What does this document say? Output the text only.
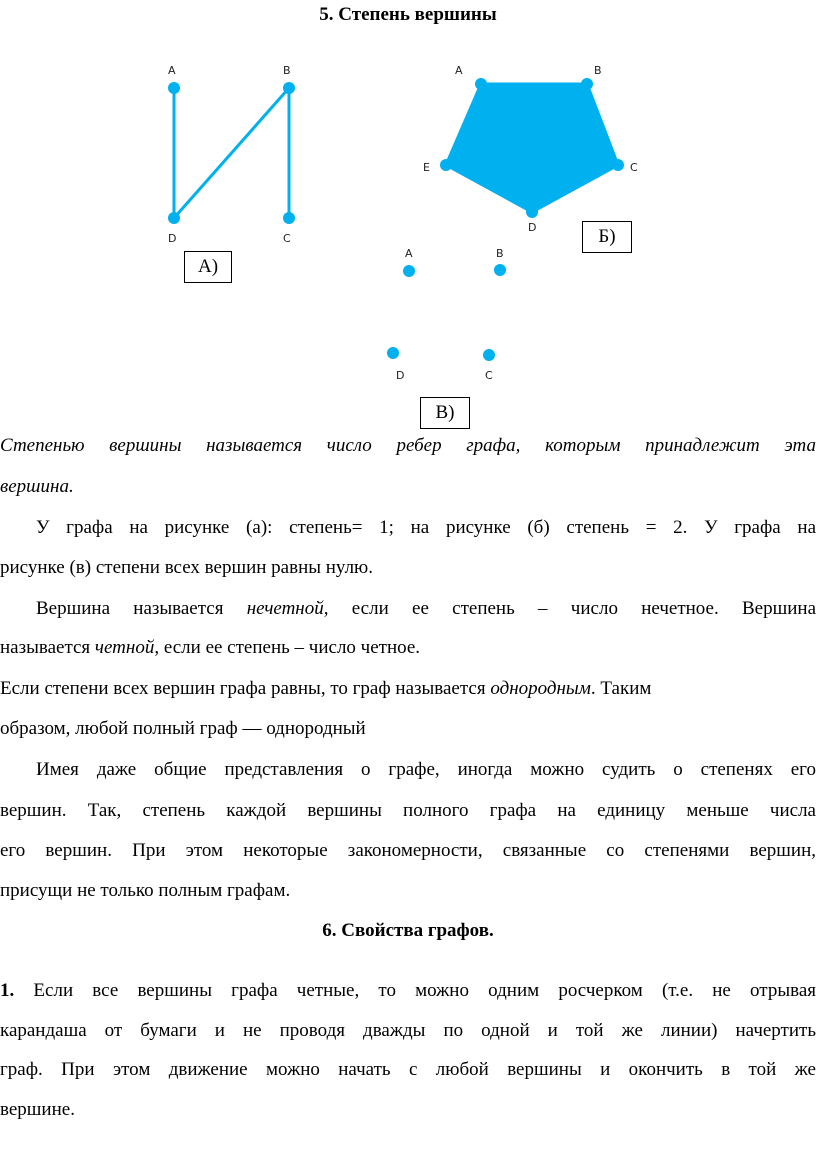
5. Степень вершины
A	B
D	C
А)
A	B
E	C
D	Б)
A	B
D	C
В)
Степенью вершины называется число ребер графа, которым принадлежит эта
вершина.
У графа на рисунке (а): степень= 1; на рисунке (б) степень = 2. У графа на
рисунке (в) степени всех вершин равны нулю.
Вершина называется нечетной, если ее степень – число нечетное. Вершина
называется четной, если ее степень – число четное.
Если степени всех вершин графа равны, то граф называется однородным. Таким
образом, любой полный граф — однородный
Имея даже общие представления о графе, иногда можно судить о степенях его
вершин. Так, степень каждой вершины полного графа на единицу меньше числа
его вершин. При этом некоторые закономерности, связанные со степенями вершин,
присущи не только полным графам.
6. Свойства графов.
1. Если все вершины графа четные, то можно одним росчерком (т.е. не отрывая
карандаша от бумаги и не проводя дважды по одной и той же линии) начертить
граф. При этом движение можно начать с любой вершины и окончить в той же
вершине.
